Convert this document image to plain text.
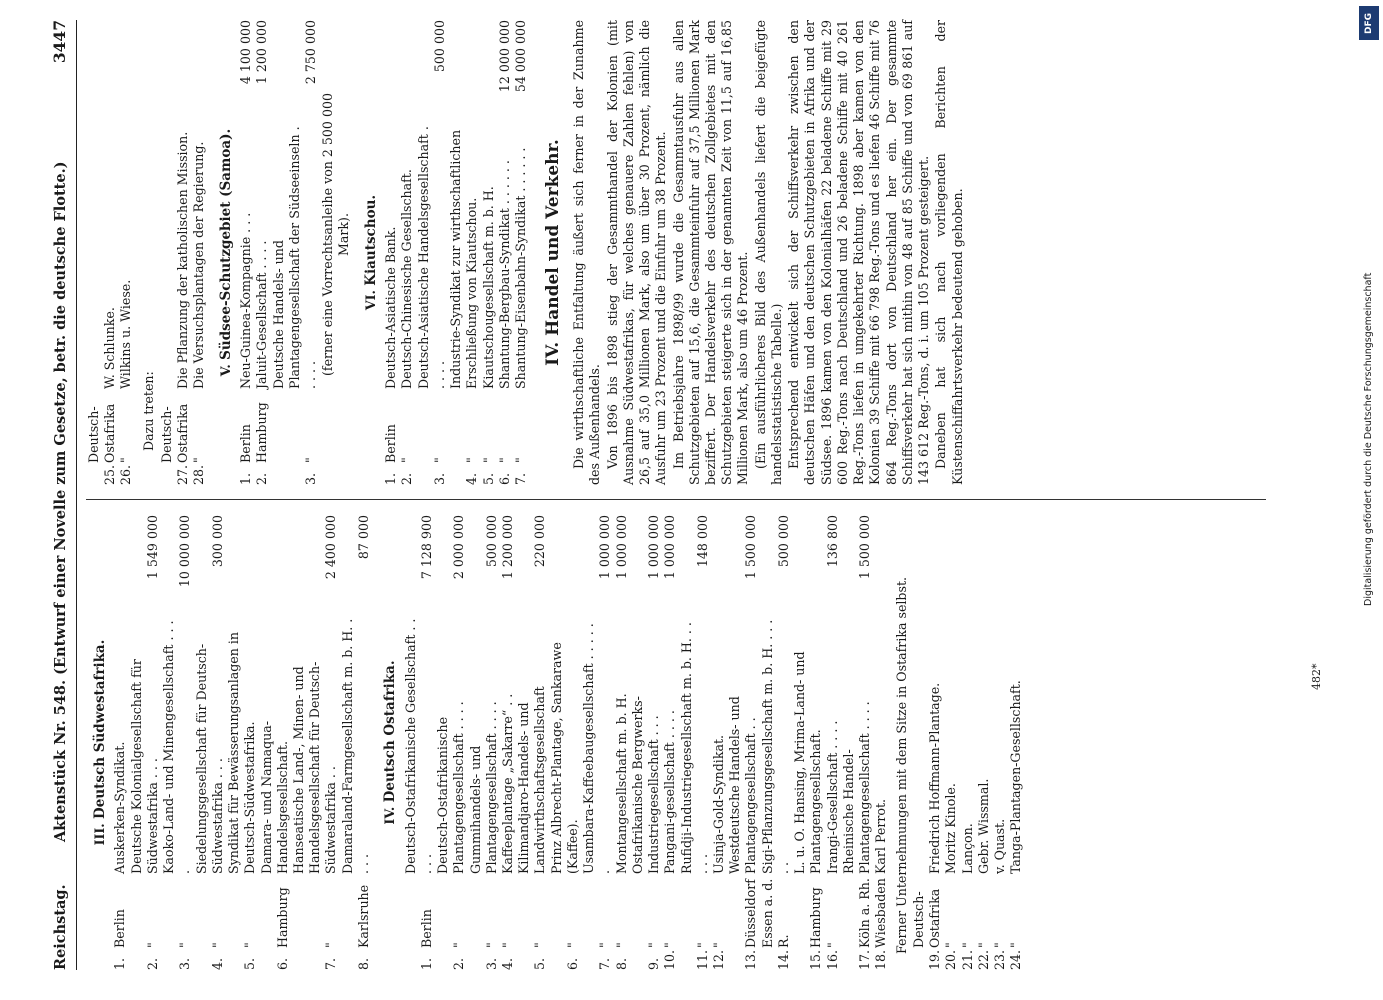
Reichstag.
Aktenstück Nr. 548. (Entwurf einer Novelle zum Gesetze, betr. die deutsche Flotte.)
3447
III. Deutsch Südwestafrika.
1.
Berlin
Auskerken-Syndikat.
2.
"
Deutsche Kolonialgesellschaft für Südwestafrika . . .
1 549 000
3.
"
Kaoko-Land- und Minengesellschaft . . . .
10 000 000
4.
"
Siedelungsgesellschaft für Deutsch-Südwestafrika . . .
300 000
5.
"
Syndikat für Bewässerungsanlagen in Deutsch-Südwestafrika.
6.
Hamburg
Damara- und Namaqua-Handelsgesellschaft.
7.
"
Hanseatische Land-, Minen- und Handelsgesellschaft für Deutsch-Südwestafrika . .
2 400 000
8.
Karlsruhe
Damaraland-Farmgesellschaft m. b. H. . . . .
87 000
IV. Deutsch Ostafrika.
1.
Berlin
Deutsch-Ostafrikanische Gesellschaft . . . . .
7 128 900
2.
"
Deutsch-Ostafrikanische Plantagengesellschaft . . . .
2 000 000
3.
"
Gummihandels- und Plantagengesellschaft . . . .
500 000
4.
"
Kaffeeplantage „Sakarre“ . .
1 200 000
5.
"
Kilimandjaro-Handels- und Landwirthschaftsgesellschaft
220 000
6.
"
Prinz Albrecht-Plantage, Sankarawe (Kaffee).
7.
"
Usambara-Kaffeebaugesellschaft . . . . . .
1 000 000
8.
"
Montangesellschaft m. b. H.
1 000 000
9.
"
Ostafrikanische Bergwerks-Industriegesellschaft . . .
1 000 000
10.
"
Pangani-gesellschaft . . . .
1 000 000
11.
"
Rufidji-Industriegesellschaft m. b. H. . . . . .
148 000
12.
"
Usinja-Gold-Syndikat.
13.
Düsseldorf
Westdeutsche Handels- und Plantagengesellschaft . .
1 500 000
14.
Essen a. d. R.
Sigi-Pflanzungsgesellschaft m. b. H. . . . . .
500 000
15.
Hamburg
L. u. O. Hansing, Mrima-Land- und Plantagengesellschaft.
16.
"
Irangi-Gesellschaft . . . .
136 800
17.
Köln a. Rh.
Rheinische Handel-Plantagengesellschaft . . . .
1 500 000
18.
Wiesbaden
Karl Perrot. Ferner Unternehmungen mit dem Sitze in Ostafrika selbst.

19.
Deutsch-Ostafrika
Friedrich Hoffmann-Plantage.
20.
"
Moritz Kinole.
21.
"
Lançon.
22.
"
Gebr. Wissmal.
23.
"
v. Quast.
24.
"
Tanga-Plantagen-Gesellschaft.
25.
Deutsch-Ostafrika
W. Schlunke.
26.
"
Wilkins u. Wiese.

Dazu treten:

27.
Deutsch-Ostafrika
Die Pflanzung der katholischen Mission.
28.
"
Die Versuchsplantagen der Regierung. V. Südsee-Schutzgebiet (Samoa).
1.
Berlin
Neu-Guinea-Kompagnie . . .
4 100 000
2.
Hamburg
Jaluit-Gesellschaft . . . .
1 200 000
3.
"
Deutsche Handels- und Plantagengesellschaft der Südseeinseln . . . . .
2 750 000

(ferner eine Vorrechtsanleihe von 2 500 000 Mark).

VI. Kiautschou.
1.
Berlin
Deutsch-Asiatische Bank.
2.
"
Deutsch-Chinesische Gesellschaft.
3.
"
Deutsch-Asiatische Handelsgesellschaft . . . . .
500 000
4.
"
Industrie-Syndikat zur wirthschaftlichen Erschließung von Kiautschou.
5.
"
Kiautschougesellschaft m. b. H.
6.
"
Shantung-Bergbau-Syndikat . . . . . .
12 000 000
7.
"
Shantung-Eisenbahn-Syndikat . . . . . .
54 000 000
IV. Handel und Verkehr. Die wirthschaftliche Entfaltung äußert sich ferner in der Zunahme des Außenhandels. Von 1896 bis 1898 stieg der Gesammthandel der Kolonien (mit Ausnahme Südwestafrikas, für welches genauere Zahlen fehlen) von 26,5 auf 35,0 Millionen Mark, also um über 30 Prozent, nämlich die Ausfuhr um 23 Prozent und die Einfuhr um 38 Prozent. Im Betriebsjahre 1898/99 wurde die Gesammtausfuhr aus allen Schutzgebieten auf 15,6, die Gesammteinfuhr auf 37,5 Millionen Mark beziffert. Der Handelsverkehr des deutschen Zollgebietes mit den Schutzgebieten steigerte sich in der genannten Zeit von 11,5 auf 16,85 Millionen Mark, also um 46 Prozent. (Ein ausführlicheres Bild des Außenhandels liefert die beigefügte handelsstatistische Tabelle.) Entsprechend entwickelt sich der Schiffsverkehr zwischen den deutschen Häfen und den deutschen Schutzgebieten in Afrika und der Südsee. 1896 kamen von den Kolonialhäfen 22 beladene Schiffe mit 29 600 Reg.-Tons nach Deutschland und 26 beladene Schiffe mit 40 261 Reg.-Tons liefen in umgekehrter Richtung. 1898 aber kamen von den Kolonien 39 Schiffe mit 66 798 Reg.-Tons und es liefen 46 Schiffe mit 76 864 Reg.-Tons dort von Deutschland her ein. Der gesammte Schiffsverkehr hat sich mithin von 48 auf 85 Schiffe und von 69 861 auf 143 612 Reg.-Tons, d. i. um 105 Prozent gesteigert. Daneben hat sich nach vorliegenden Berichten der Küstenschiffahrtsverkehr bedeutend gehoben.

482*
DFG
Digitalisierung gefördert durch die Deutsche Forschungsgemeinschaft
